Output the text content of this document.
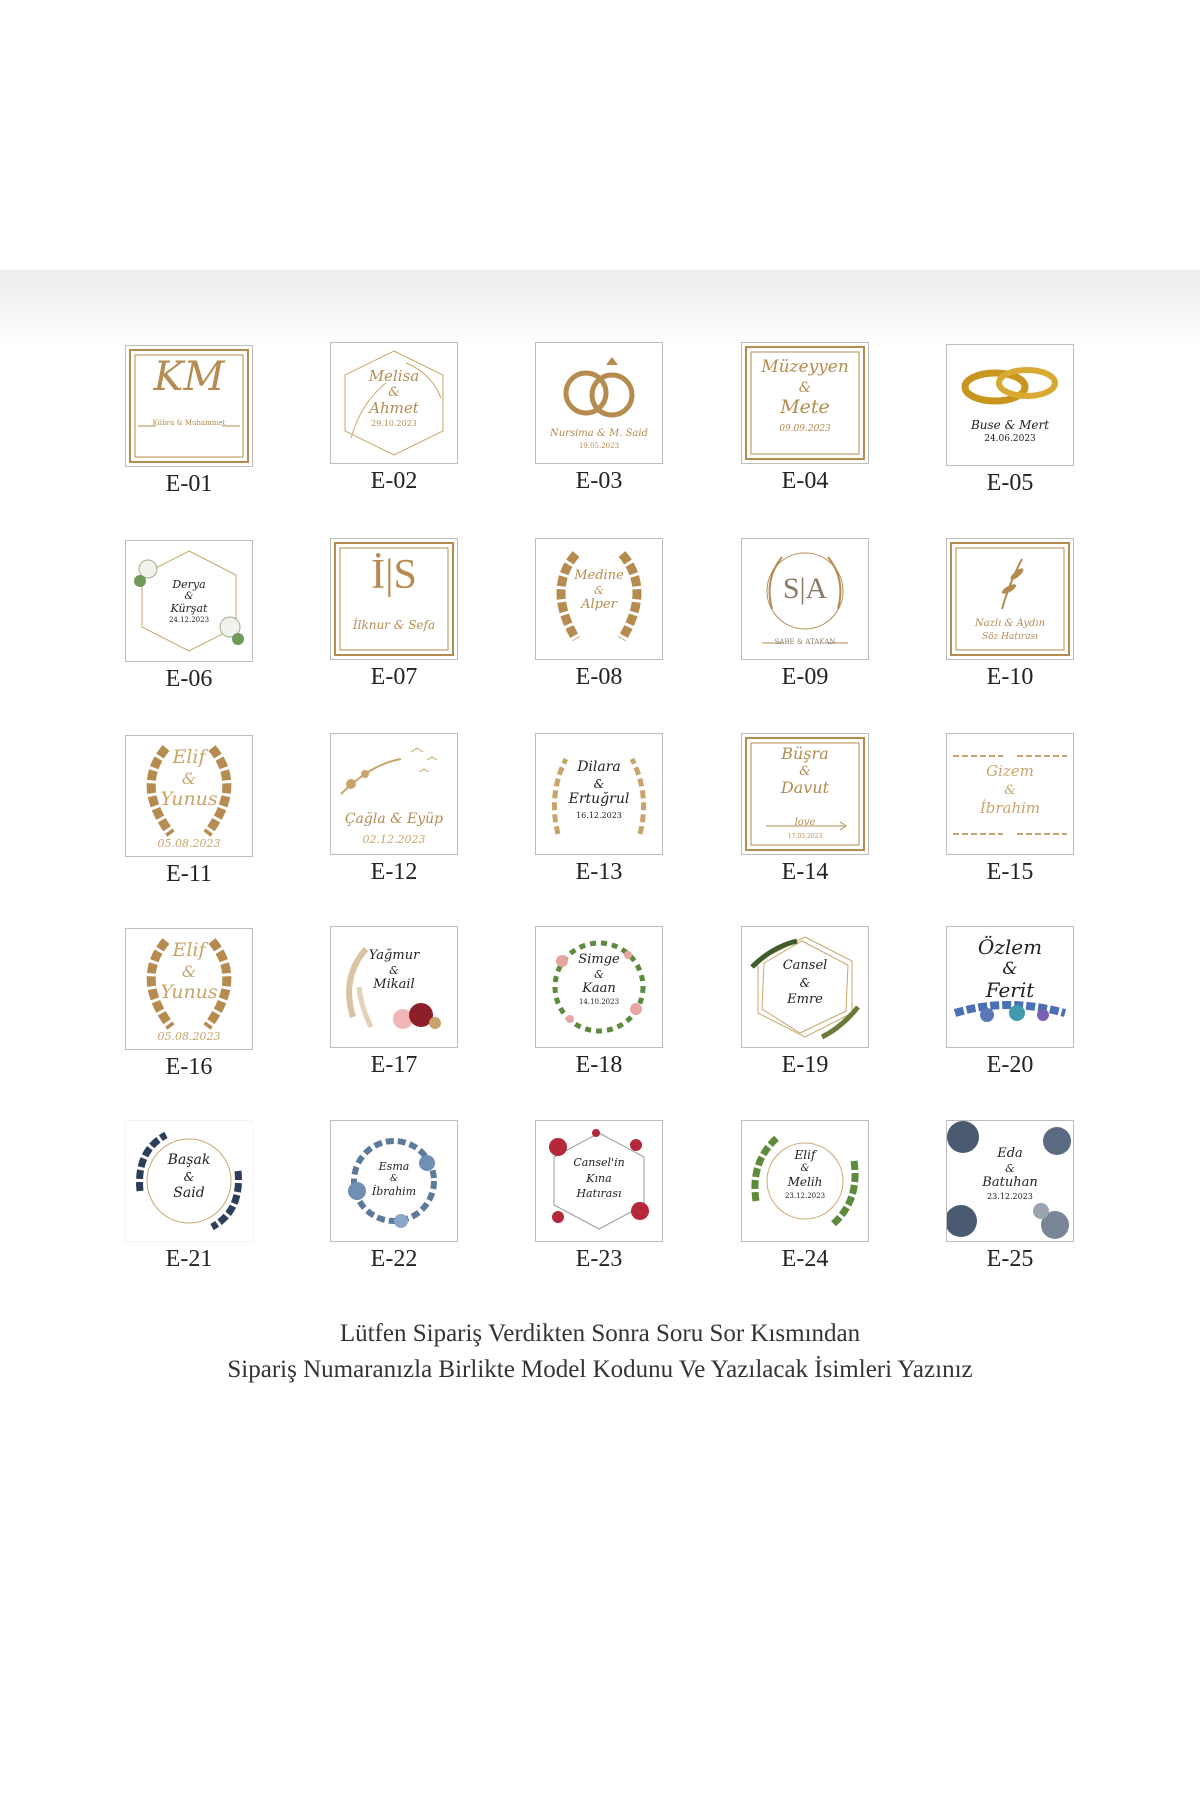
KM
Kübra & Muhammet
E-01
Melisa
&
Ahmet
29.10.2023
E-02
Nursima & M. Said
19.05.2023
E-03
Müzeyyen
&
Mete
09.09.2023
E-04
Buse & Mert
24.06.2023
E-05
Derya
&
Kürşat
24.12.2023
E-06
İ|S
İlknur & Sefa
E-07
Medine
&
Alper
E-08
S|A
SABE & ATAKAN
E-09
Nazlı & Aydın
Söz Hatırası
E-10
Elif
&
Yunus
05.08.2023
E-11
Çağla & Eyüp
02.12.2023
E-12
Dilara
&
Ertuğrul
16.12.2023
E-13
Büşra
&
Davut
love
17.03.2023
E-14
Gizem
&
İbrahim
E-15
Elif
&
Yunus
05.08.2023
E-16
Yağmur
&
Mikail
E-17
Simge
&
Kaan
14.10.2023
E-18
Cansel
&
Emre
E-19
Özlem
&
Ferit
E-20
Başak
&
Said
E-21
Esma
&
İbrahim
E-22
Cansel'in
Kına
Hatırası
E-23
Elif
&
Melih
23.12.2023
E-24
Eda
&
Batuhan
23.12.2023
E-25
Lütfen Sipariş Verdikten Sonra Soru Sor Kısmından
Sipariş Numaranızla Birlikte Model Kodunu Ve Yazılacak İsimleri Yazınız
